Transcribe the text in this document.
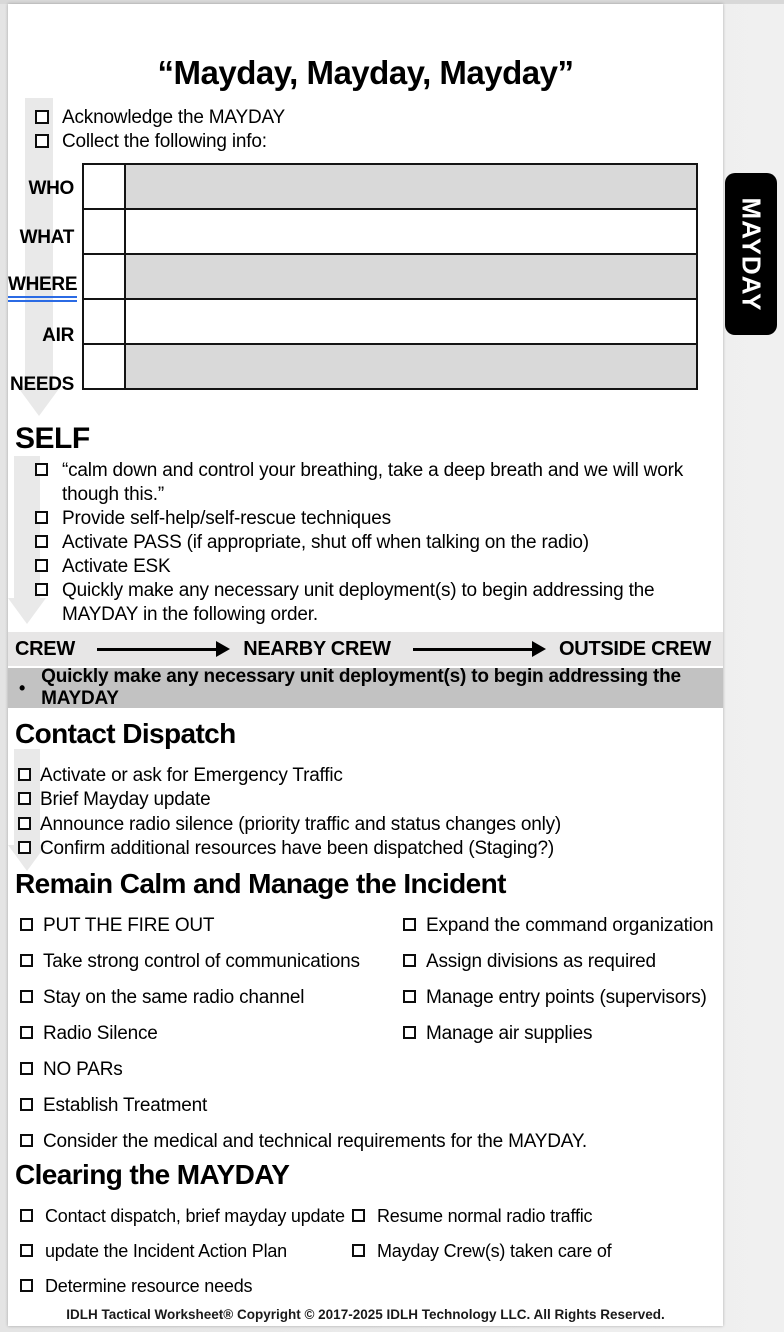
“Mayday, Mayday, Mayday”
Acknowledge the MAYDAY
Collect the following info:
WHO
WHAT
WHERE
AIR
NEEDS

SELF
“calm down and control your breathing, take a deep breath and we will work though this.”
Provide self-help/self-rescue techniques
Activate PASS (if appropriate, shut off when talking on the radio)
Activate ESK
Quickly make any necessary unit deployment(s) to begin addressing the MAYDAY in the following order.
CREW	NEARBY CREW	OUTSIDE CREW
•
Quickly make any necessary unit deployment(s) to begin addressing the MAYDAY
Contact Dispatch
Activate or ask for Emergency Traffic
Brief Mayday update
Announce radio silence (priority traffic and status changes only)
Confirm additional resources have been dispatched (Staging?)
Remain Calm and Manage the Incident
PUT THE FIRE OUT
Take strong control of communications
Stay on the same radio channel
Radio Silence
NO PARs
Establish Treatment
Consider the medical and technical requirements for the MAYDAY.
Expand the command organization
Assign divisions as required
Manage entry points (supervisors)
Manage air supplies
Clearing the MAYDAY
Contact dispatch, brief mayday update
update the Incident Action Plan
Determine resource needs
Resume normal radio traffic
Mayday Crew(s) taken care of
IDLH Tactical Worksheet® Copyright © 2017-2025 IDLH Technology LLC. All Rights Reserved.
MAYDAY
